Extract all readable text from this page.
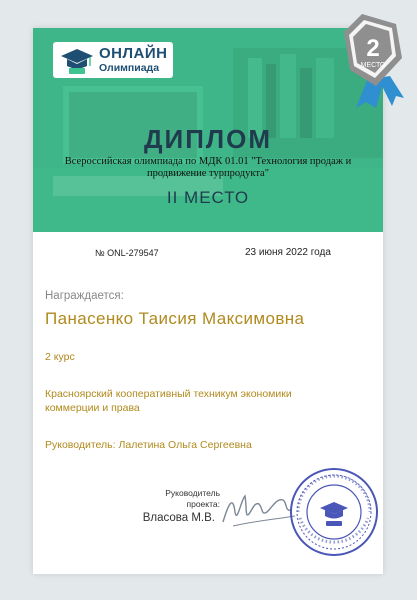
ОНЛАЙН
Олимпиада
ДИПЛОМ
Всероссийская олимпиада по МДК 01.01 "Технология продаж и продвижение турпродукта"
II МЕСТО
№ ONL-279547	23 июня 2022 года
Награждается:
Панасенко Таисия Максимовна
2 курс
Красноярский кооперативный техникум экономики коммерции и права
Руководитель: Лалетина Ольга Сергеевна
Руководитель проекта:
Власова М.В.
2
МЕСТО
